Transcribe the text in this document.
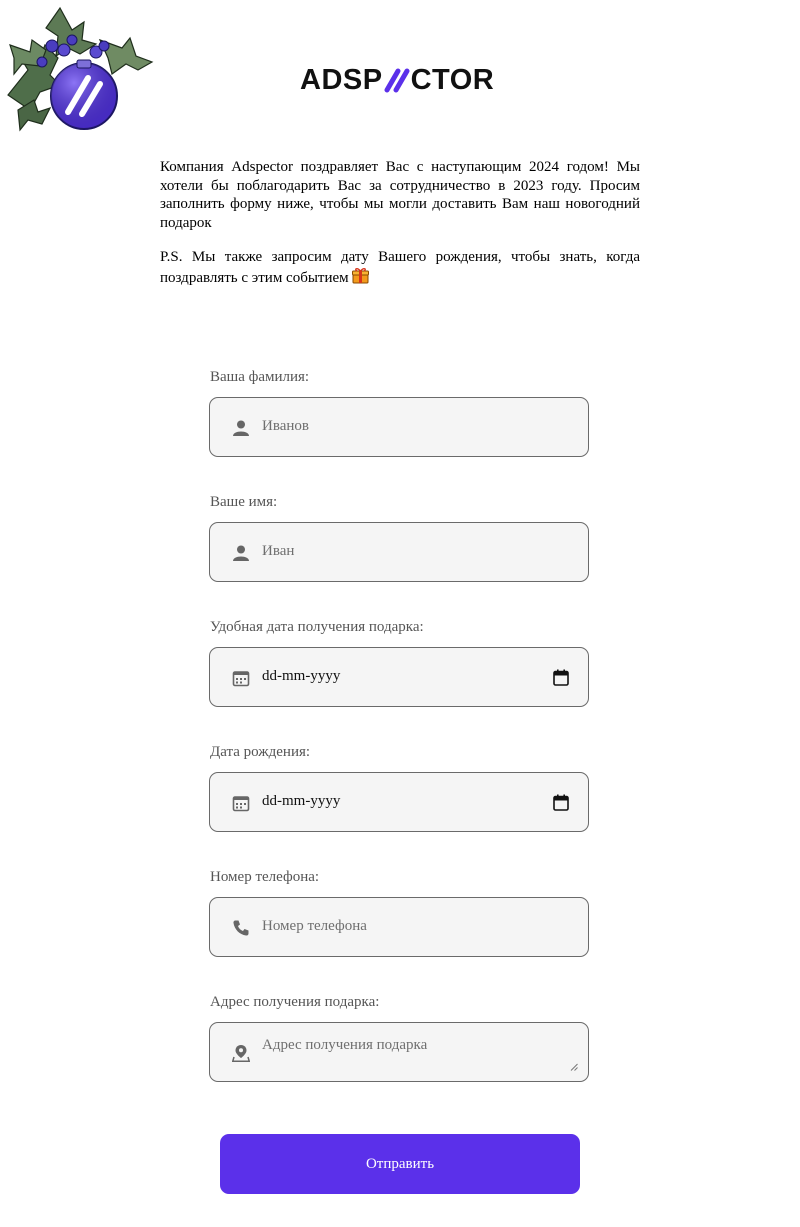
ADSP CTOR

Компания Adspector поздравляет Вас с наступающим 2024 годом! Мы хотели бы поблагодарить Вас за сотрудничество в 2023 году. Просим заполнить форму ниже, чтобы мы могли доставить Вам наш новогодний подарок

P.S. Мы также запросим дату Вашего рождения, чтобы знать, когда поздравлять с этим событием

Ваша фамилия:
Иванов
Ваше имя:
Иван
Удобная дата получения подарка:
dd-mm-yyyy
Дата рождения:
dd-mm-yyyy
Номер телефона:
Номер телефона
Адрес получения подарка:
Адрес получения подарка
Отправить
